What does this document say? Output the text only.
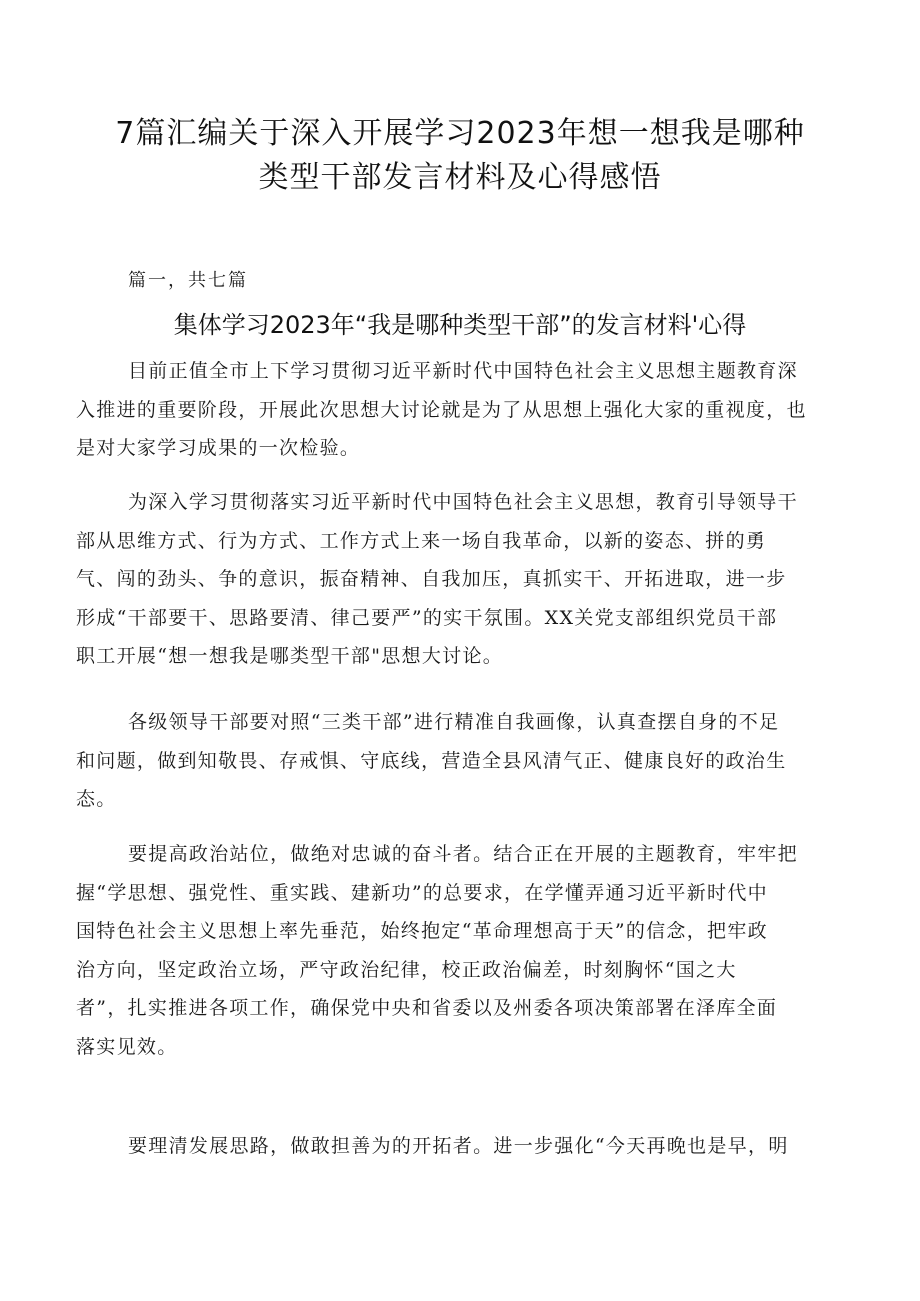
7篇汇编关于深入开展学习2023年想一想我是哪种
类型干部发言材料及心得感悟
篇一，共七篇
集体学习2023年“我是哪种类型干部”的发言材料'心得
目前正值全市上下学习贯彻习近平新时代中国特色社会主义思想主题教育深
入推进的重要阶段，开展此次思想大讨论就是为了从思想上强化大家的重视度，也
是对大家学习成果的一次检验。
为深入学习贯彻落实习近平新时代中国特色社会主义思想，教育引导领导干
部从思维方式、行为方式、工作方式上来一场自我革命，以新的姿态、拼的勇
气、闯的劲头、争的意识，振奋精神、自我加压，真抓实干、开拓进取，进一步
形成“干部要干、思路要清、律己要严”的实干氛围。XX关党支部组织党员干部
职工开展“想一想我是哪类型干部"思想大讨论。
各级领导干部要对照“三类干部”进行精准自我画像，认真查摆自身的不足
和问题，做到知敬畏、存戒惧、守底线，营造全县风清气正、健康良好的政治生
态。
要提高政治站位，做绝对忠诚的奋斗者。结合正在开展的主题教育，牢牢把
握“学思想、强党性、重实践、建新功”的总要求，在学懂弄通习近平新时代中
国特色社会主义思想上率先垂范，始终抱定“革命理想高于天”的信念，把牢政
治方向，坚定政治立场，严守政治纪律，校正政治偏差，时刻胸怀“国之大
者”，扎实推进各项工作，确保党中央和省委以及州委各项决策部署在泽库全面
落实见效。
要理清发展思路，做敢担善为的开拓者。进一步强化“今天再晚也是早，明
